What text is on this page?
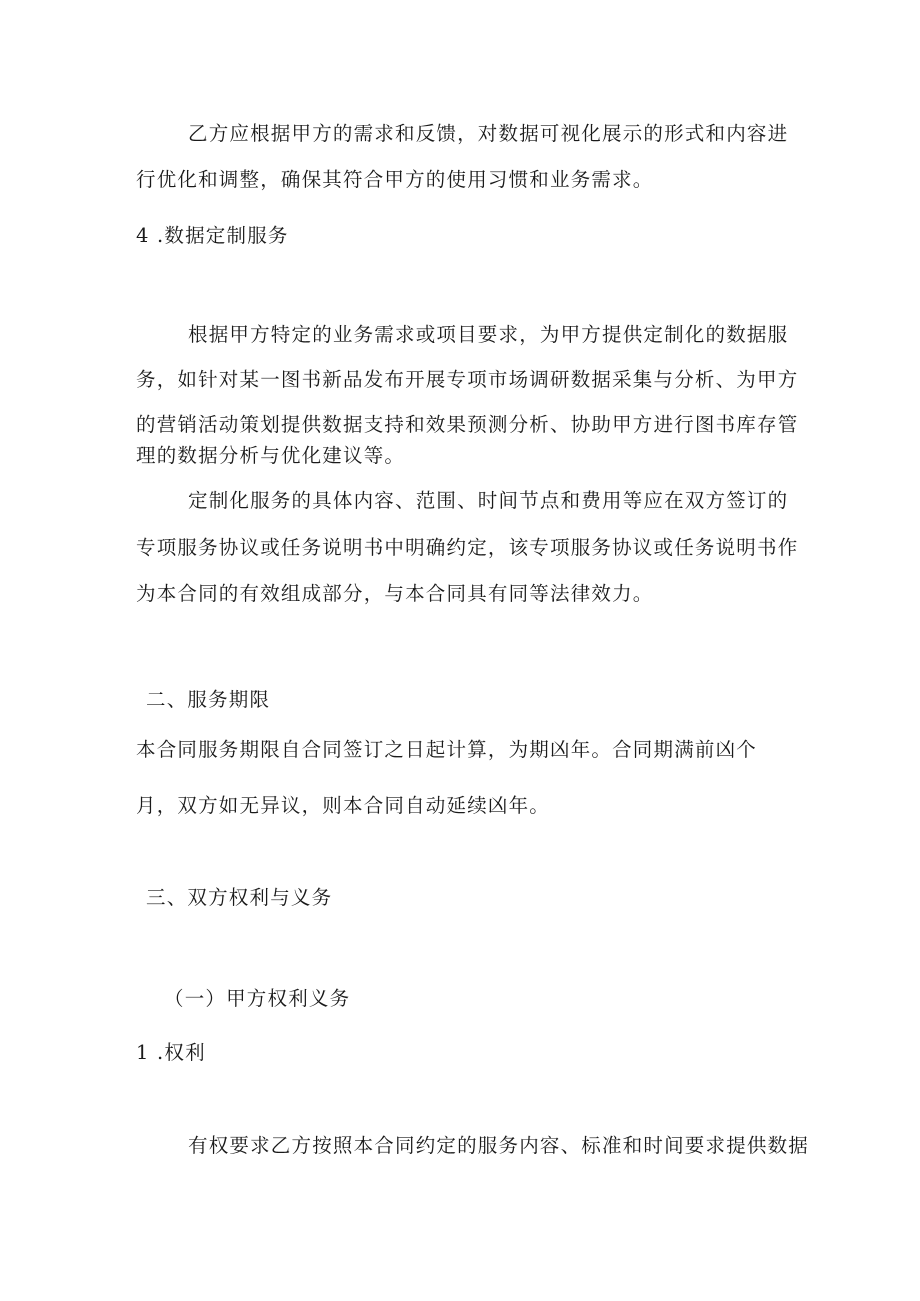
乙方应根据甲方的需求和反馈，对数据可视化展示的形式和内容进
行优化和调整，确保其符合甲方的使用习惯和业务需求。
4 .数据定制服务
根据甲方特定的业务需求或项目要求，为甲方提供定制化的数据服
务，如针对某一图书新品发布开展专项市场调研数据采集与分析、为甲方
的营销活动策划提供数据支持和效果预测分析、协助甲方进行图书库存管
理的数据分析与优化建议等。
定制化服务的具体内容、范围、时间节点和费用等应在双方签订的
专项服务协议或任务说明书中明确约定，该专项服务协议或任务说明书作
为本合同的有效组成部分，与本合同具有同等法律效力。
二、服务期限
本合同服务期限自合同签订之日起计算，为期凶年。合同期满前凶个
月，双方如无异议，则本合同自动延续凶年。
三、双方权利与义务
（一）甲方权利义务
1 .权利
有权要求乙方按照本合同约定的服务内容、标准和时间要求提供数据
